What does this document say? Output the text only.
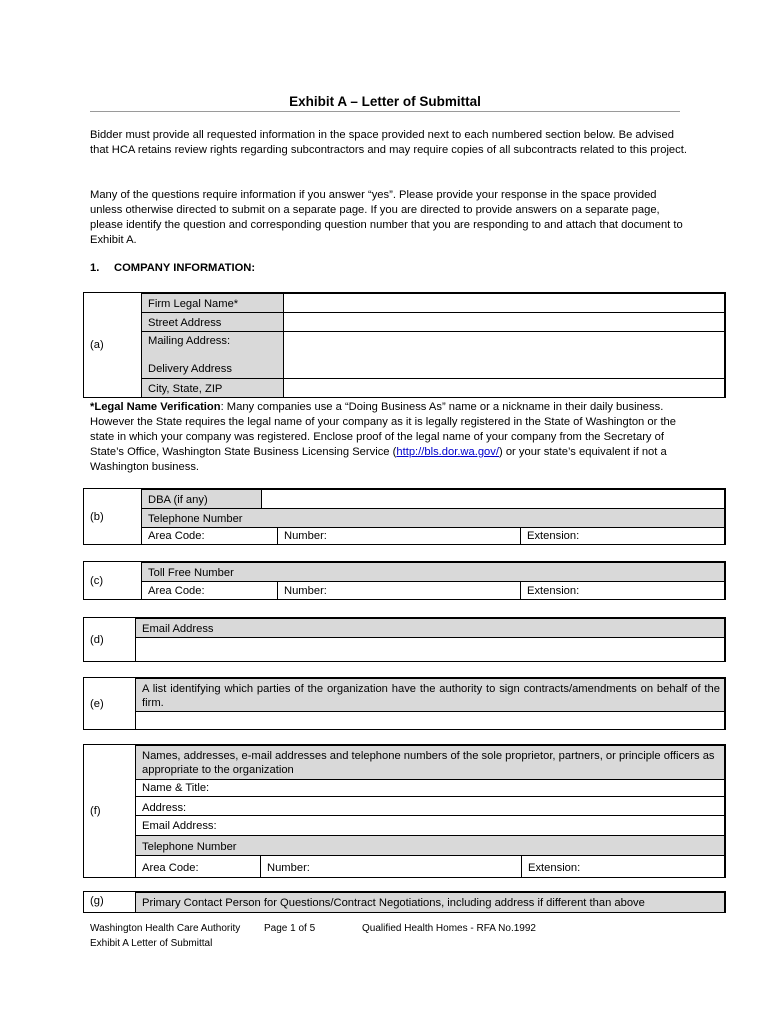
Exhibit A – Letter of Submittal
Bidder must provide all requested information in the space provided next to each numbered section below. Be advised that HCA retains review rights regarding subcontractors and may require copies of all subcontracts related to this project.
Many of the questions require information if you answer “yes”. Please provide your response in the space provided unless otherwise directed to submit on a separate page. If you are directed to provide answers on a separate page, please identify the question and corresponding question number that you are responding to and attach that document to Exhibit A.
1. COMPANY INFORMATION:
(a)
Firm Legal Name*
Street Address
Mailing Address:
Delivery Address
City, State, ZIP
*Legal Name Verification: Many companies use a “Doing Business As” name or a nickname in their daily business. However the State requires the legal name of your company as it is legally registered in the State of Washington or the state in which your company was registered. Enclose proof of the legal name of your company from the Secretary of State’s Office, Washington State Business Licensing Service (http://bls.dor.wa.gov/) or your state’s equivalent if not a Washington business.
(b)
DBA (if any)
Telephone Number
Area Code:	Number:	Extension:
(c)
Toll Free Number
Area Code:	Number:	Extension:
(d)
Email Address
(e)
A list identifying which parties of the organization have the authority to sign contracts/amendments on behalf of the firm.
(f)
Names, addresses, e-mail addresses and telephone numbers of the sole proprietor, partners, or principle officers as appropriate to the organization
Name & Title:
Address:
Email Address:
Telephone Number
Area Code:	Number:	Extension:
(g)	Primary Contact Person for Questions/Contract Negotiations, including address if different than above
Washington Health Care Authority Page 1 of 5	Qualified Health Homes - RFA No.1992
Exhibit A Letter of Submittal
